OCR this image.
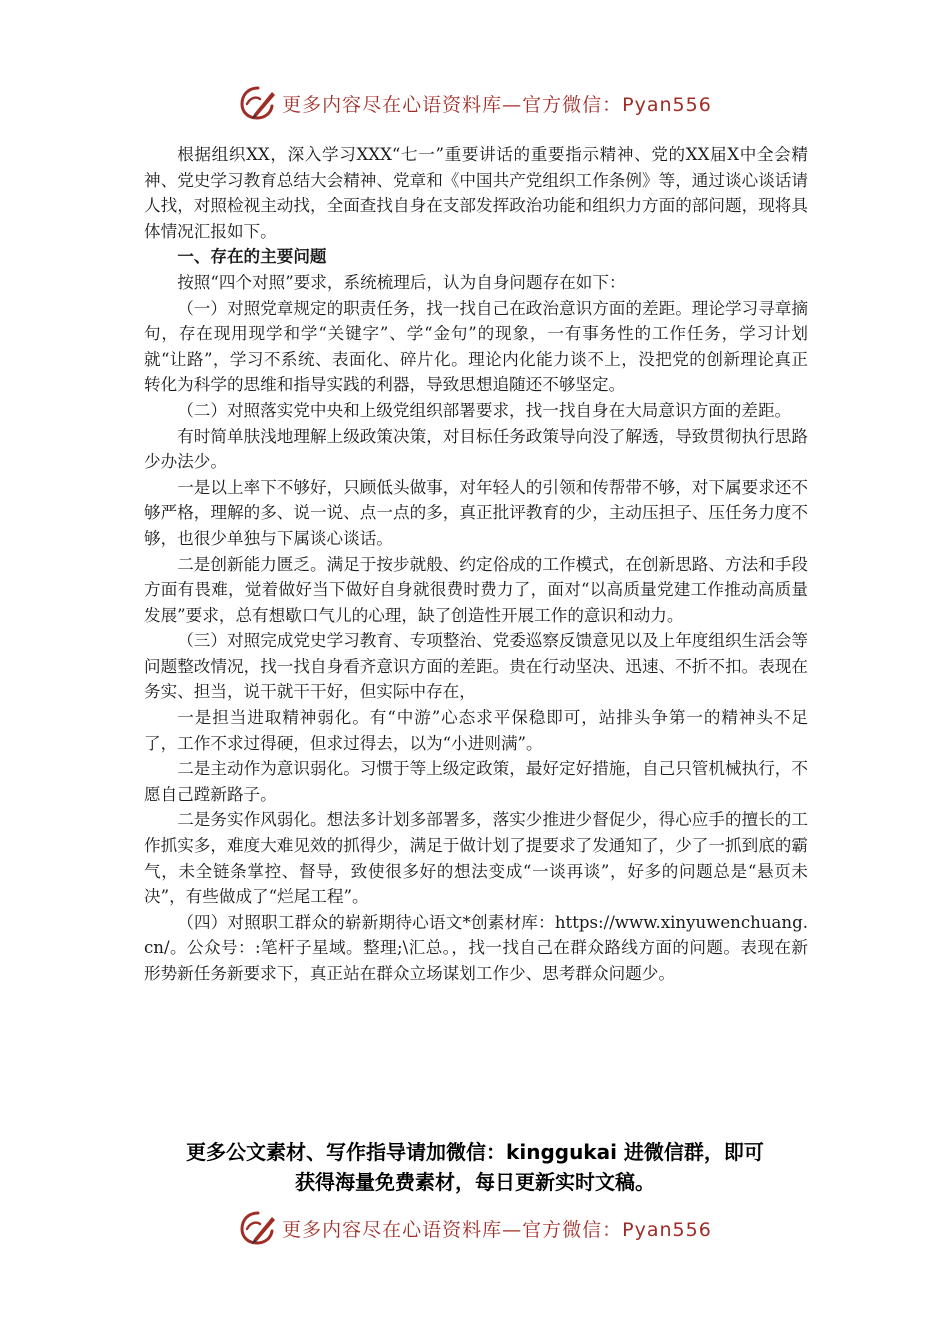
更多内容尽在心语资料库—官方微信：Pyan556

根据组织XX，深入学习XXX“七一”重要讲话的重要指示精神、党的XX届X中全会精神、党史学习教育总结大会精神、党章和《中国共产党组织工作条例》等，通过谈心谈话请人找，对照检视主动找，全面查找自身在支部发挥政治功能和组织力方面的部问题，现将具体情况汇报如下。

一、存在的主要问题

按照“四个对照”要求，系统梳理后，认为自身问题存在如下：

（一）对照党章规定的职责任务，找一找自己在政治意识方面的差距。理论学习寻章摘句，存在现用现学和学“关键字”、学“金句”的现象，一有事务性的工作任务，学习计划就“让路”，学习不系统、表面化、碎片化。理论内化能力谈不上，没把党的创新理论真正转化为科学的思维和指导实践的利器，导致思想追随还不够坚定。

（二）对照落实党中央和上级党组织部署要求，找一找自身在大局意识方面的差距。

有时简单肤浅地理解上级政策决策，对目标任务政策导向没了解透，导致贯彻执行思路少办法少。

一是以上率下不够好，只顾低头做事，对年轻人的引领和传帮带不够，对下属要求还不够严格，理解的多、说一说、点一点的多，真正批评教育的少，主动压担子、压任务力度不够，也很少单独与下属谈心谈话。

二是创新能力匮乏。满足于按步就般、约定俗成的工作模式，在创新思路、方法和手段方面有畏难，觉着做好当下做好自身就很费时费力了，面对“以高质量党建工作推动高质量发展”要求，总有想歇口气儿的心理，缺了创造性开展工作的意识和动力。

（三）对照完成党史学习教育、专项整治、党委巡察反馈意见以及上年度组织生活会等问题整改情况，找一找自身看齐意识方面的差距。贵在行动坚决、迅速、不折不扣。表现在务实、担当，说干就干干好，但实际中存在，

一是担当进取精神弱化。有“中游”心态求平保稳即可，站排头争第一的精神头不足了，工作不求过得硬，但求过得去，以为“小进则满”。

二是主动作为意识弱化。习惯于等上级定政策，最好定好措施，自己只管机械执行，不愿自己蹚新路子。

二是务实作风弱化。想法多计划多部署多，落实少推进少督促少，得心应手的擅长的工作抓实多，难度大难见效的抓得少，满足于做计划了提要求了发通知了，少了一抓到底的霸气，未全链条掌控、督导，致使很多好的想法变成“一谈再谈”，好多的问题总是“悬页未决”，有些做成了“烂尾工程”。

（四）对照职工群众的崭新期待心语文*创素材库：https://www.xinyuwenchuang.cn/。公众号：:笔杆子星域。整理;\汇总。，找一找自己在群众路线方面的问题。表现在新形势新任务新要求下，真正站在群众立场谋划工作少、思考群众问题少。

更多公文素材、写作指导请加微信：kinggukai 进微信群，即可
获得海量免费素材，每日更新实时文稿。
更多内容尽在心语资料库—官方微信：Pyan556
